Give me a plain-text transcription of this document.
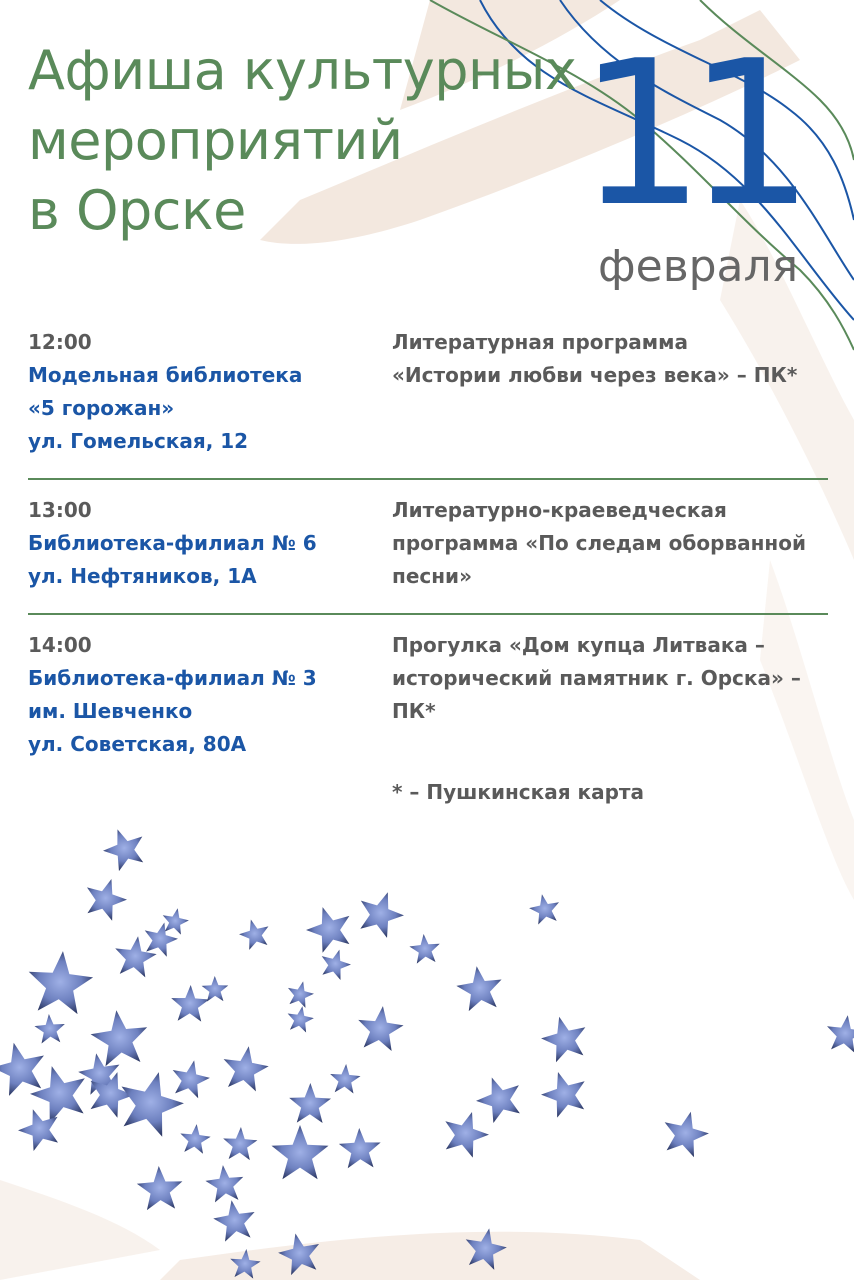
Афиша культурных
мероприятий
в Орске	11
февраля
12:00
Модельная библиотека
«5 горожан»
ул. Гомельская, 12
Литературная программа
«Истории любви через века» – ПК*
13:00
Библиотека-филиал № 6
ул. Нефтяников, 1А
Литературно-краеведческая
программа «По следам оборванной
песни»
14:00
Библиотека-филиал № 3
им. Шевченко
ул. Советская, 80А
Прогулка «Дом купца Литвака –
исторический памятник г. Орска» –
ПК*
* – Пушкинская карта
